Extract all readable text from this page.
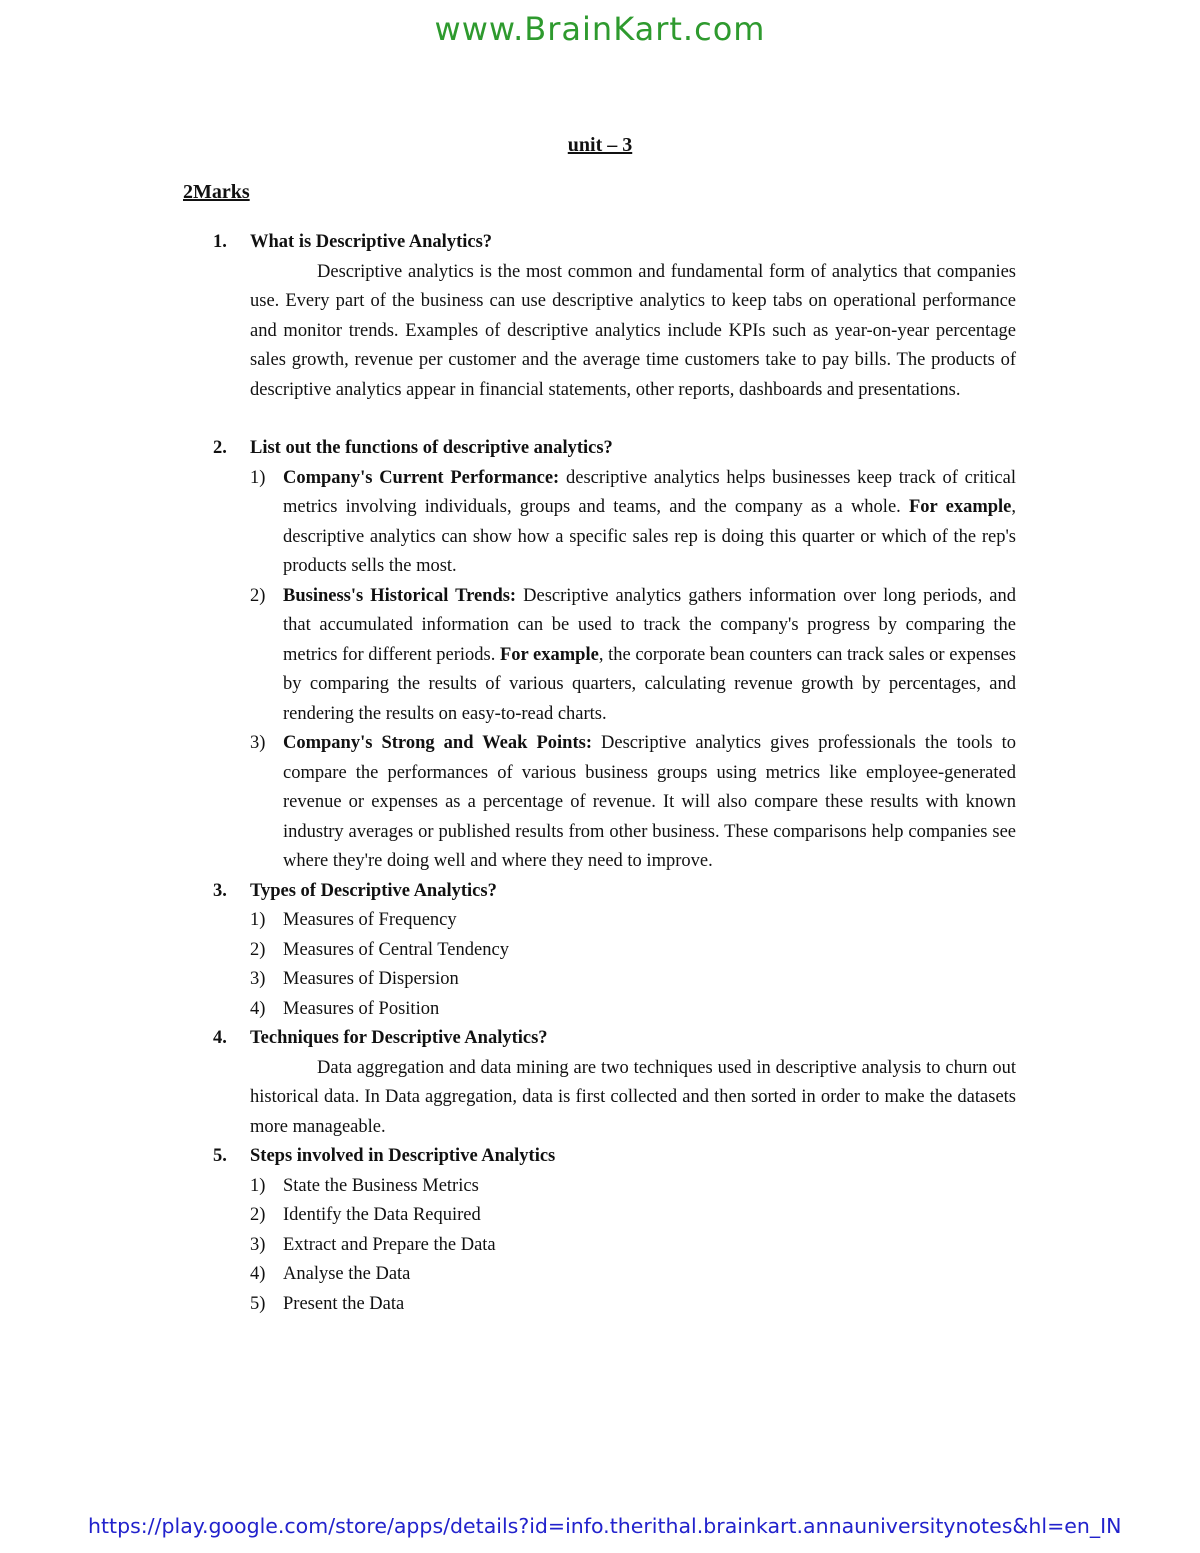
www.BrainKart.com
unit – 3
2Marks
1. What is Descriptive Analytics?
Descriptive analytics is the most common and fundamental form of analytics that companies use. Every part of the business can use descriptive analytics to keep tabs on operational performance and monitor trends. Examples of descriptive analytics include KPIs such as year-on-year percentage sales growth, revenue per customer and the average time customers take to pay bills. The products of descriptive analytics appear in financial statements, other reports, dashboards and presentations.
2. List out the functions of descriptive analytics?
1) Company's Current Performance: descriptive analytics helps businesses keep track of critical metrics involving individuals, groups and teams, and the company as a whole. For example, descriptive analytics can show how a specific sales rep is doing this quarter or which of the rep's products sells the most.
2) Business's Historical Trends: Descriptive analytics gathers information over long periods, and that accumulated information can be used to track the company's progress by comparing the metrics for different periods. For example, the corporate bean counters can track sales or expenses by comparing the results of various quarters, calculating revenue growth by percentages, and rendering the results on easy-to-read charts.
3) Company's Strong and Weak Points: Descriptive analytics gives professionals the tools to compare the performances of various business groups using metrics like employee-generated revenue or expenses as a percentage of revenue. It will also compare these results with known industry averages or published results from other business. These comparisons help companies see where they're doing well and where they need to improve.
3. Types of Descriptive Analytics?
1) Measures of Frequency
2) Measures of Central Tendency
3) Measures of Dispersion
4) Measures of Position
4. Techniques for Descriptive Analytics?
Data aggregation and data mining are two techniques used in descriptive analysis to churn out historical data. In Data aggregation, data is first collected and then sorted in order to make the datasets more manageable.
5. Steps involved in Descriptive Analytics
1) State the Business Metrics
2) Identify the Data Required
3) Extract and Prepare the Data
4) Analyse the Data
5) Present the Data
https://play.google.com/store/apps/details?id=info.therithal.brainkart.annauniversitynotes&hl=en_IN
